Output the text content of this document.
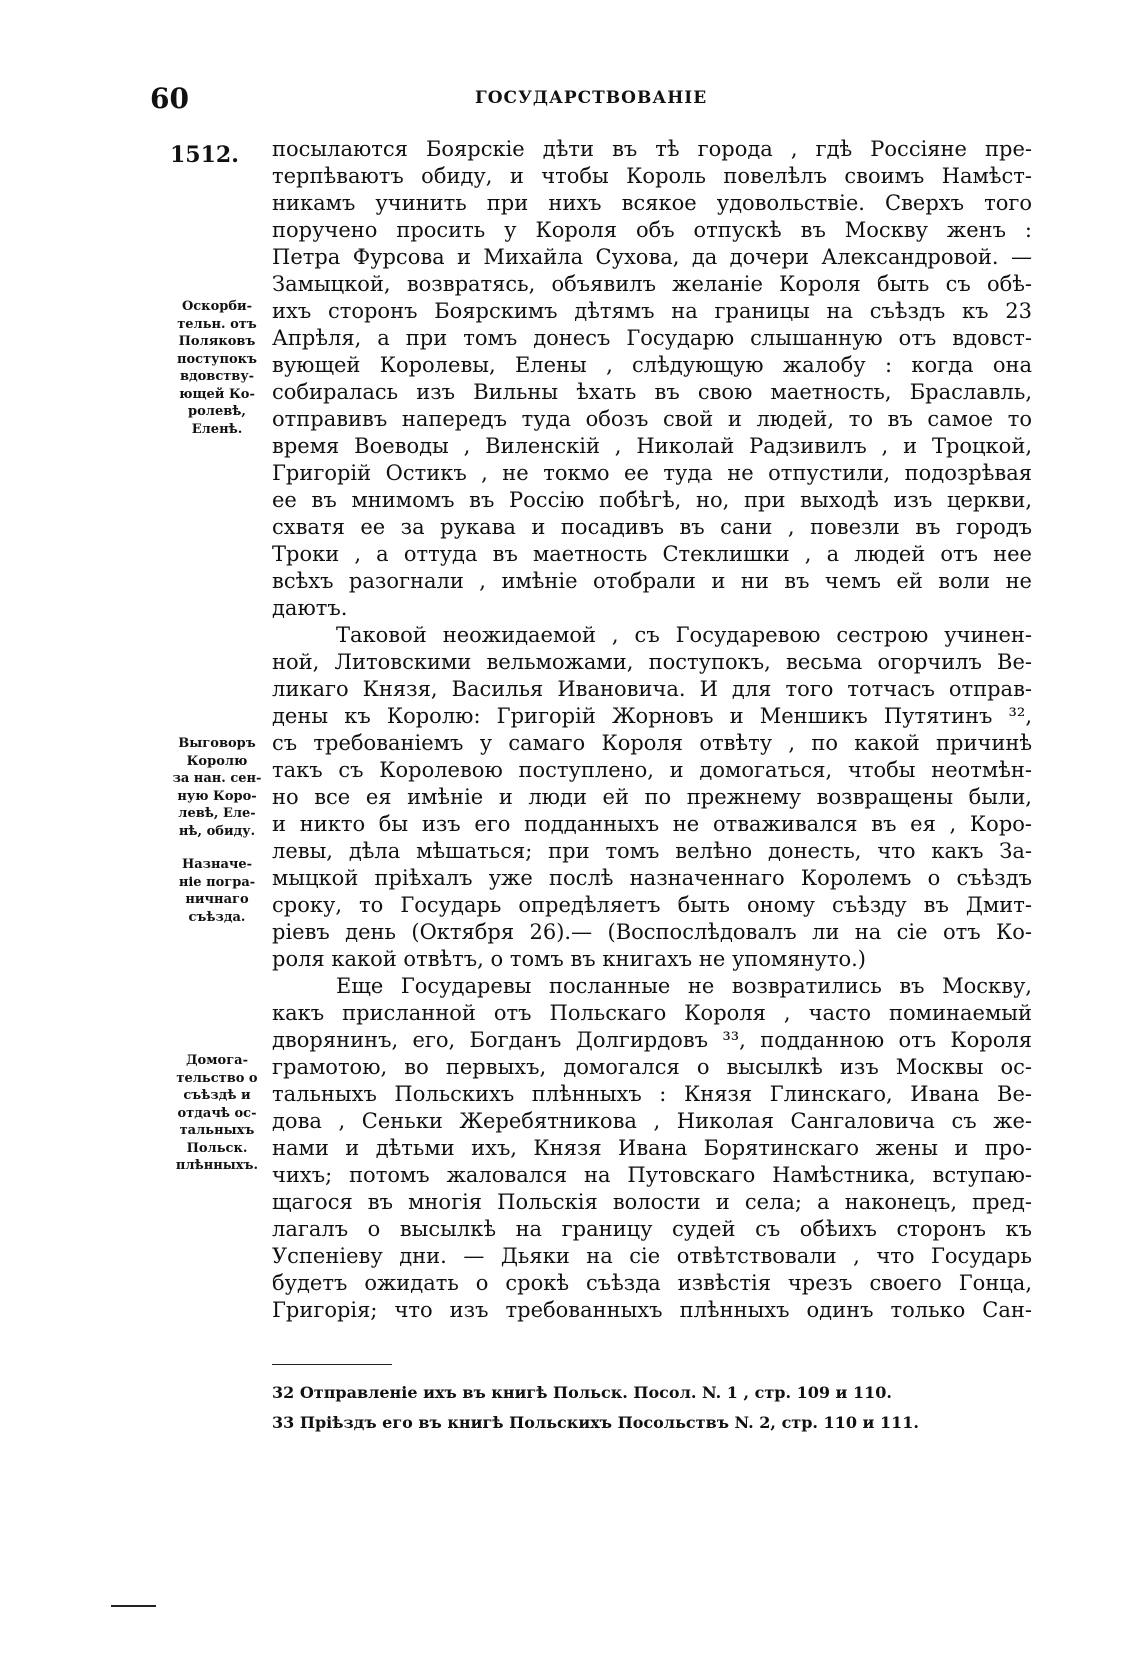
60	ГОСУДАРСТВОВАНІЕ
1512.
Оскорби-
тельн. отъ
Поляковъ
поступокъ
вдовству-
ющей Ко-
ролевѣ,
Еленѣ.
Выговоръ
Королю
за нан. сен-
ную Коро-
левѣ, Еле-
нѣ, обиду.
Назначе-
ніе погра-
ничнаго
съѣзда.
Домога-
тельство о
съѣздѣ и
отдачѣ ос-
тальныхъ
Польск.
плѣнныхъ.
посылаются Боярскіе дѣти въ тѣ города , гдѣ Россіяне пре-
терпѣваютъ обиду, и чтобы Король повелѣлъ своимъ Намѣст-
никамъ учинить при нихъ всякое удовольствіе. Сверхъ того
поручено просить у Короля объ отпускѣ въ Москву женъ :
Петра Фурсова и Михайла Сухова, да дочери Александровой. —
Замыцкой, возвратясь, объявилъ желаніе Короля быть съ обѣ-
ихъ сторонъ Боярскимъ дѣтямъ на границы на съѣздъ къ 23
Апрѣля, а при томъ донесъ Государю слышанную отъ вдовст-
вующей Королевы, Елены , слѣдующую жалобу : когда она
собиралась изъ Вильны ѣхать въ свою маетность, Браславль,
отправивъ напередъ туда обозъ свой и людей, то въ самое то
время Воеводы , Виленскій , Николай Радзивилъ , и Троцкой,
Григорій Остикъ , не токмо ее туда не отпустили, подозрѣвая
ее въ мнимомъ въ Россію побѣгѣ, но, при выходѣ изъ церкви,
схватя ее за рукава и посадивъ въ сани , повезли въ городъ
Троки , а оттуда въ маетность Стеклишки , а людей отъ нее
всѣхъ разогнали , имѣніе отобрали и ни въ чемъ ей воли не
даютъ.
Таковой неожидаемой , съ Государевою сестрою учинен-
ной, Литовскими вельможами, поступокъ, весьма огорчилъ Ве-
ликаго Князя, Василья Ивановича. И для того тотчасъ отправ-
дены къ Королю: Григорій Жорновъ и Меншикъ Путятинъ ³²,
съ требованіемъ у самаго Короля отвѣту , по какой причинѣ
такъ съ Королевою поступлено, и домогаться, чтобы неотмѣн-
но все ея имѣніе и люди ей по прежнему возвращены были,
и никто бы изъ его подданныхъ не отваживался въ ея , Коро-
левы, дѣла мѣшаться; при томъ велѣно донесть, что какъ За-
мыцкой пріѣхалъ уже послѣ назначеннаго Королемъ о съѣздъ
сроку, то Государь опредѣляетъ быть оному съѣзду въ Дмит-
ріевъ день (Октября 26).— (Воспослѣдовалъ ли на сіе отъ Ко-
роля какой отвѣтъ, о томъ въ книгахъ не упомянуто.)
Еще Государевы посланные не возвратились въ Москву,
какъ присланной отъ Польскаго Короля , часто поминаемый
дворянинъ, его, Богданъ Долгирдовъ ³³, подданною отъ Короля
грамотою, во первыхъ, домогался о высылкѣ изъ Москвы ос-
тальныхъ Польскихъ плѣнныхъ : Князя Глинскаго, Ивана Ве-
дова , Сеньки Жеребятникова , Николая Сангаловича съ же-
нами и дѣтьми ихъ, Князя Ивана Борятинскаго жены и про-
чихъ; потомъ жаловался на Путовскаго Намѣстника, вступаю-
щагося въ многія Польскія волости и села; а наконецъ, пред-
лагалъ о высылкѣ на границу судей съ обѣихъ сторонъ къ
Успеніеву дни. — Дьяки на сіе отвѣтствовали , что Государь
будетъ ожидать о срокѣ съѣзда извѣстія чрезъ своего Гонца,
Григорія; что изъ требованныхъ плѣнныхъ одинъ только Сан-
32 Отправленіе ихъ въ книгѣ Польск. Посол. N. 1 , стр. 109 и 110.
33 Пріѣздъ его въ книгѣ Польскихъ Посольствъ N. 2, стр. 110 и 111.
